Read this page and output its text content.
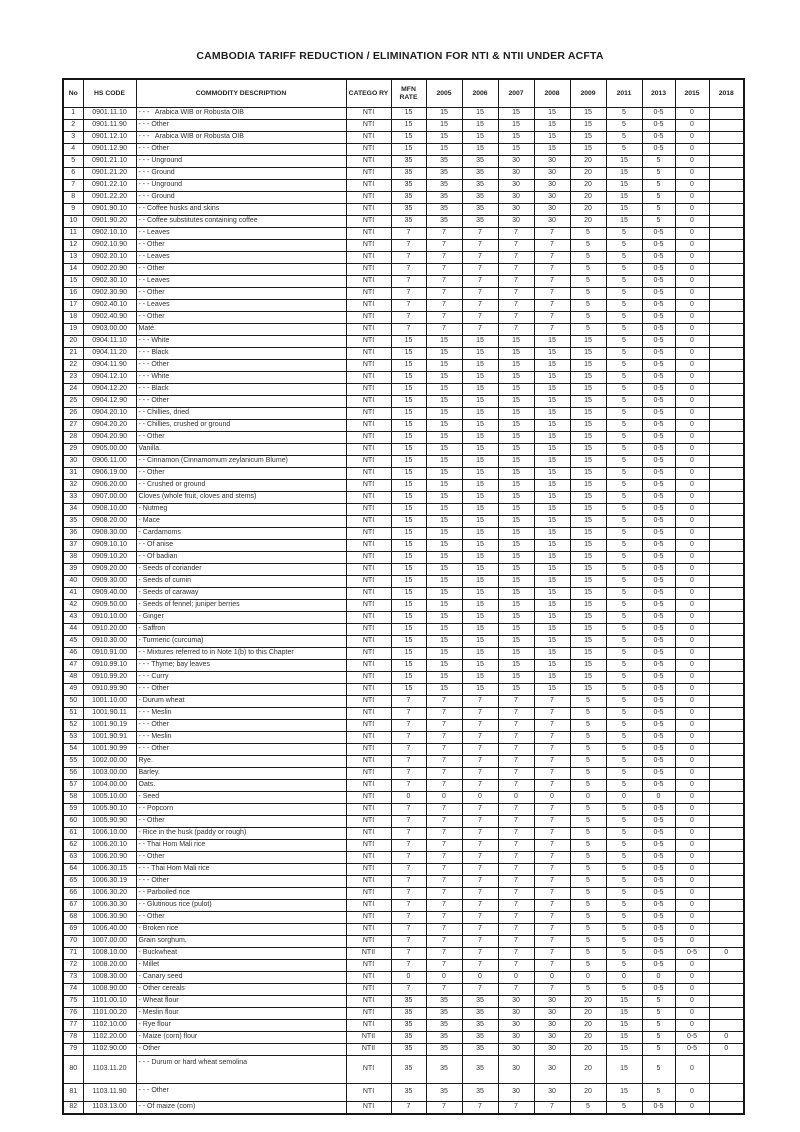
CAMBODIA TARIFF REDUCTION / ELIMINATION FOR NTI & NTII UNDER ACFTA
No	HS CODE	COMMODITY DESCRIPTION	CATEGO RY	MFN RATE	2005	2006	2007	2008	2009	2011	2013	2015	2018
1	0901.11.10	- - -   Arabica WIB or Robusta OIB	NTI	15	15	15	15	15	15	5	0-5	0	
2	0901.11.90	- - - Other	NTI	15	15	15	15	15	15	5	0-5	0	
3	0901.12.10	- - -   Arabica WIB or Robusta OIB	NTI	15	15	15	15	15	15	5	0-5	0	
4	0901.12.90	- - - Other	NTI	15	15	15	15	15	15	5	0-5	0	
5	0901.21.10	- - - Unground	NTI	35	35	35	30	30	20	15	5	0	
6	0901.21.20	- - - Ground	NTI	35	35	35	30	30	20	15	5	0	
7	0901.22.10	- - - Unground	NTI	35	35	35	30	30	20	15	5	0	
8	0901.22.20	- - - Ground	NTI	35	35	35	30	30	20	15	5	0	
9	0901.90.10	- - Coffee husks and skins	NTI	35	35	35	30	30	20	15	5	0	
10	0901.90.20	- - Coffee substitutes containing coffee	NTI	35	35	35	30	30	20	15	5	0	
11	0902.10.10	- - Leaves	NTI	7	7	7	7	7	5	5	0-5	0	
12	0902.10.90	- - Other	NTI	7	7	7	7	7	5	5	0-5	0	
13	0902.20.10	- - Leaves	NTI	7	7	7	7	7	5	5	0-5	0	
14	0902.20.90	- - Other	NTI	7	7	7	7	7	5	5	0-5	0	
15	0902.30.10	- - Leaves	NTI	7	7	7	7	7	5	5	0-5	0	
16	0902.30.90	- - Other	NTI	7	7	7	7	7	5	5	0-5	0	
17	0902.40.10	- - Leaves	NTI	7	7	7	7	7	5	5	0-5	0	
18	0902.40.90	- - Other	NTI	7	7	7	7	7	5	5	0-5	0	
19	0903.00.00	Maté.	NTI	7	7	7	7	7	5	5	0-5	0	
20	0904.11.10	- - - White	NTI	15	15	15	15	15	15	5	0-5	0	
21	0904.11.20	- - - Black	NTI	15	15	15	15	15	15	5	0-5	0	
22	0904.11.90	- - - Other	NTI	15	15	15	15	15	15	5	0-5	0	
23	0904.12.10	- - - White	NTI	15	15	15	15	15	15	5	0-5	0	
24	0904.12.20	- - - Black	NTI	15	15	15	15	15	15	5	0-5	0	
25	0904.12.90	- - - Other	NTI	15	15	15	15	15	15	5	0-5	0	
26	0904.20.10	- - Chillies, dried	NTI	15	15	15	15	15	15	5	0-5	0	
27	0904.20.20	- - Chillies, crushed or ground	NTI	15	15	15	15	15	15	5	0-5	0	
28	0904.20.90	- - Other	NTI	15	15	15	15	15	15	5	0-5	0	
29	0905.00.00	Vanilla.	NTI	15	15	15	15	15	15	5	0-5	0	
30	0906.11.00	- - Cinnamon (Cinnamomum zeylanicum Blume)	NTI	15	15	15	15	15	15	5	0-5	0	
31	0906.19.00	- - Other	NTI	15	15	15	15	15	15	5	0-5	0	
32	0906.20.00	- - Crushed or ground	NTI	15	15	15	15	15	15	5	0-5	0	
33	0907.00.00	Cloves (whole fruit, cloves and stems)	NTI	15	15	15	15	15	15	5	0-5	0	
34	0908.10.00	- Nutmeg	NTI	15	15	15	15	15	15	5	0-5	0	
35	0908.20.00	- Mace	NTI	15	15	15	15	15	15	5	0-5	0	
36	0908.30.00	- Cardamoms	NTI	15	15	15	15	15	15	5	0-5	0	
37	0909.10.10	- - Of anise	NTI	15	15	15	15	15	15	5	0-5	0	
38	0909.10.20	- - Of badian	NTI	15	15	15	15	15	15	5	0-5	0	
39	0909.20.00	- Seeds of coriander	NTI	15	15	15	15	15	15	5	0-5	0	
40	0909.30.00	- Seeds of cumin	NTI	15	15	15	15	15	15	5	0-5	0	
41	0909.40.00	- Seeds of caraway	NTI	15	15	15	15	15	15	5	0-5	0	
42	0909.50.00	- Seeds of fennel; juniper berries	NTI	15	15	15	15	15	15	5	0-5	0	
43	0910.10.00	- Ginger	NTI	15	15	15	15	15	15	5	0-5	0	
44	0910.20.00	- Saffron	NTI	15	15	15	15	15	15	5	0-5	0	
45	0910.30.00	- Turmeric (curcuma)	NTI	15	15	15	15	15	15	5	0-5	0	
46	0910.91.00	- - Mixtures referred to in Note 1(b) to this Chapter	NTI	15	15	15	15	15	15	5	0-5	0	
47	0910.99.10	- - - Thyme; bay leaves	NTI	15	15	15	15	15	15	5	0-5	0	
48	0910.99.20	- - - Curry	NTI	15	15	15	15	15	15	5	0-5	0	
49	0910.99.90	- - - Other	NTI	15	15	15	15	15	15	5	0-5	0	
50	1001.10.00	- Durum wheat	NTI	7	7	7	7	7	5	5	0-5	0	
51	1001.90.11	- - - Meslin	NTI	7	7	7	7	7	5	5	0-5	0	
52	1001.90.19	- - - Other	NTI	7	7	7	7	7	5	5	0-5	0	
53	1001.90.91	- - - Meslin	NTI	7	7	7	7	7	5	5	0-5	0	
54	1001.90.99	- - - Other	NTI	7	7	7	7	7	5	5	0-5	0	
55	1002.00.00	Rye.	NTI	7	7	7	7	7	5	5	0-5	0	
56	1003.00.00	Barley.	NTI	7	7	7	7	7	5	5	0-5	0	
57	1004.00.00	Oats.	NTI	7	7	7	7	7	5	5	0-5	0	
58	1005.10.00	- Seed	NTI	0	0	0	0	0	0	0	0	0	
59	1005.90.10	- - Popcorn	NTI	7	7	7	7	7	5	5	0-5	0	
60	1005.90.90	- - Other	NTI	7	7	7	7	7	5	5	0-5	0	
61	1006.10.00	- Rice in the husk (paddy or rough)	NTI	7	7	7	7	7	5	5	0-5	0	
62	1006.20.10	- - Thai Hom Mali rice	NTI	7	7	7	7	7	5	5	0-5	0	
63	1006.20.90	- - Other	NTI	7	7	7	7	7	5	5	0-5	0	
64	1006.30.15	- - - Thai Hom Mali rice	NTI	7	7	7	7	7	5	5	0-5	0	
65	1006.30.19	- - - Other	NTI	7	7	7	7	7	5	5	0-5	0	
66	1006.30.20	- - Parboiled rice	NTI	7	7	7	7	7	5	5	0-5	0	
67	1006.30.30	- - Glutinous rice (pulot)	NTI	7	7	7	7	7	5	5	0-5	0	
68	1006.30.90	- - Other	NTI	7	7	7	7	7	5	5	0-5	0	
69	1006.40.00	- Broken rice	NTI	7	7	7	7	7	5	5	0-5	0	
70	1007.00.00	Grain sorghum.	NTI	7	7	7	7	7	5	5	0-5	0	
71	1008.10.00	- Buckwheat	NTII	7	7	7	7	7	5	5	0-5	0-5	0
72	1008.20.00	- Millet	NTI	7	7	7	7	7	5	5	0-5	0	
73	1008.30.00	- Canary seed	NTI	0	0	0	0	0	0	0	0	0	
74	1008.90.00	- Other cereals	NTI	7	7	7	7	7	5	5	0-5	0	
75	1101.00.10	- Wheat flour	NTI	35	35	35	30	30	20	15	5	0	
76	1101.00.20	- Meslin flour	NTI	35	35	35	30	30	20	15	5	0	
77	1102.10.00	- Rye flour	NTI	35	35	35	30	30	20	15	5	0	
78	1102.20.00	- Maize (corn) flour	NTII	35	35	35	30	30	20	15	5	0-5	0
79	1102.90.00	- Other	NTII	35	35	35	30	30	20	15	5	0-5	0
80	1103.11.20	- - - Durum or hard wheat semolina	NTI	35	35	35	30	30	20	15	5	0	
81	1103.11.90	- - - Other	NTI	35	35	35	30	30	20	15	5	0	
82	1103.13.00	- - Of maize (corn)	NTI	7	7	7	7	7	5	5	0-5	0	
